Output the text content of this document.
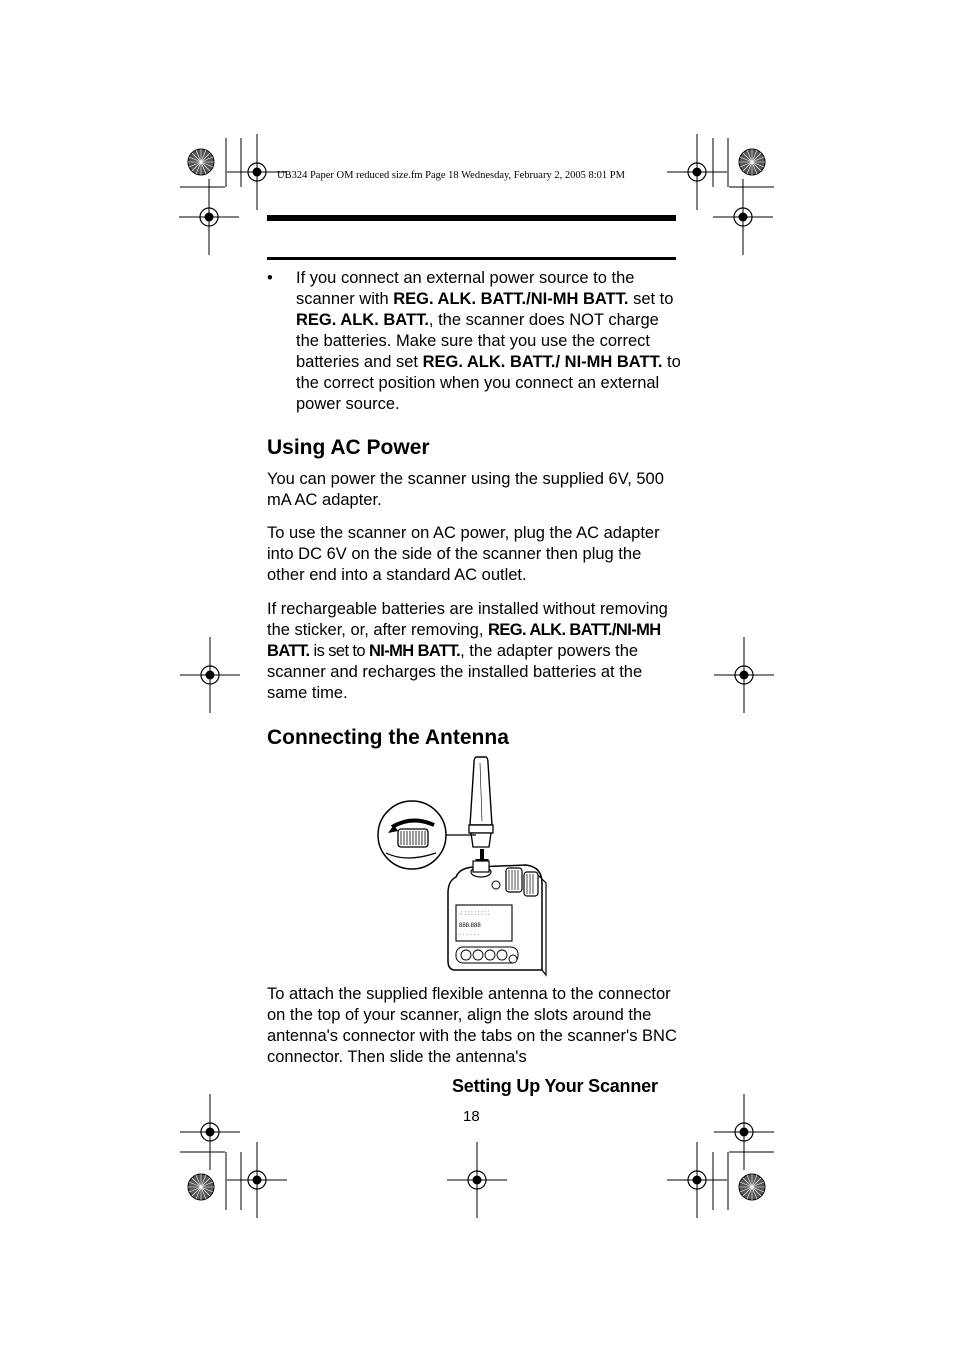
UB324 Paper OM reduced size.fm Page 18 Wednesday, February 2, 2005 8:01 PM
• If you connect an external power source to the scanner with REG. ALK. BATT./NI-MH BATT. set to REG. ALK. BATT., the scanner does NOT charge the batteries. Make sure that you use the correct batteries and set REG. ALK. BATT./ NI-MH BATT. to the correct position when you connect an external power source.
Using AC Power

You can power the scanner using the supplied 6V, 500 mA AC adapter.

To use the scanner on AC power, plug the AC adapter into DC 6V on the side of the scanner then plug the other end into a standard AC outlet.

If rechargeable batteries are installed without removing the sticker, or, after removing, REG. ALK. BATT./NI-MH BATT. is set to NI-MH BATT., the adapter powers the scanner and recharges the installed batteries at the same time.

Connecting the Antenna
·: : : : : : : : :
888.888
· · · · · ·

To attach the supplied flexible antenna to the connector on the top of your scanner, align the slots around the antenna's connector with the tabs on the scanner's BNC connector. Then slide the antenna's

Setting Up Your Scanner
18
